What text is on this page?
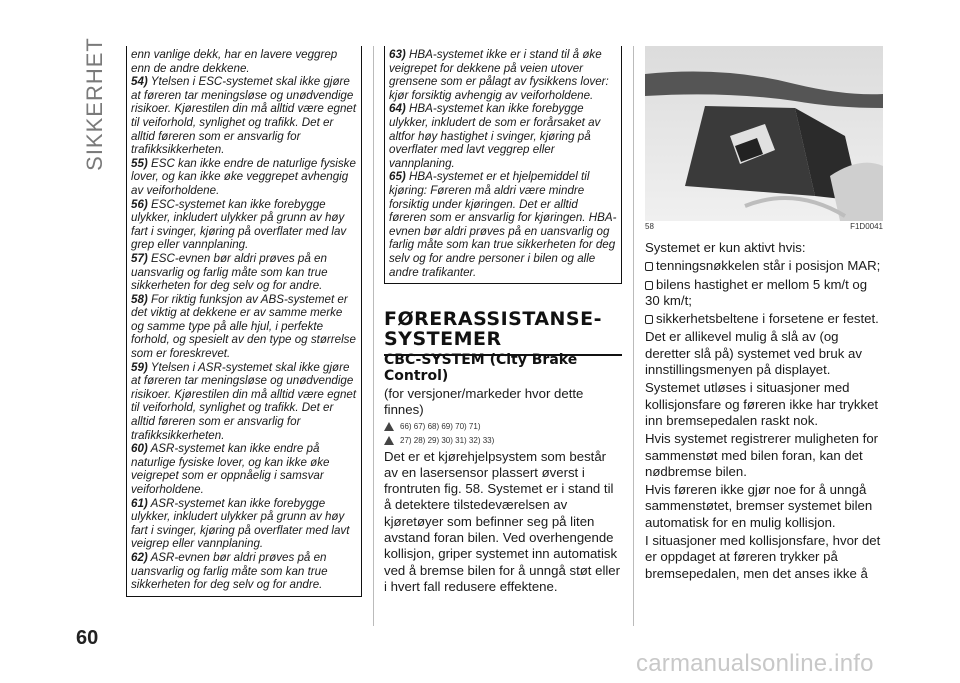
SIKKERHET
60

enn vanlige dekk, har en lavere veggrep enn de andre dekkene.

54) Ytelsen i ESC-systemet skal ikke gjøre at føreren tar meningsløse og unødvendige risikoer. Kjørestilen din må alltid være egnet til veiforhold, synlighet og trafikk. Det er alltid føreren som er ansvarlig for trafikksikkerheten.

55) ESC kan ikke endre de naturlige fysiske lover, og kan ikke øke veggrepet avhengig av veiforholdene.

56) ESC-systemet kan ikke forebygge ulykker, inkludert ulykker på grunn av høy fart i svinger, kjøring på overflater med lav grep eller vannplaning.

57) ESC-evnen bør aldri prøves på en uansvarlig og farlig måte som kan true sikkerheten for deg selv og for andre.

58) For riktig funksjon av ABS-systemet er det viktig at dekkene er av samme merke og samme type på alle hjul, i perfekte forhold, og spesielt av den type og størrelse som er foreskrevet.

59) Ytelsen i ASR-systemet skal ikke gjøre at føreren tar meningsløse og unødvendige risikoer. Kjørestilen din må alltid være egnet til veiforhold, synlighet og trafikk. Det er alltid føreren som er ansvarlig for trafikksikkerheten.

60) ASR-systemet kan ikke endre på naturlige fysiske lover, og kan ikke øke veigrepet som er oppnåelig i samsvar veiforholdene.

61) ASR-systemet kan ikke forebygge ulykker, inkludert ulykker på grunn av høy fart i svinger, kjøring på overflater med lavt veigrep eller vannplaning.

62) ASR-evnen bør aldri prøves på en uansvarlig og farlig måte som kan true sikkerheten for deg selv og for andre.

63) HBA-systemet ikke er i stand til å øke veigrepet for dekkene på veien utover grensene som er pålagt av fysikkens lover: kjør forsiktig avhengig av veiforholdene.

64) HBA-systemet kan ikke forebygge ulykker, inkludert de som er forårsaket av altfor høy hastighet i svinger, kjøring på overflater med lavt veggrep eller vannplaning.

65) HBA-systemet er et hjelpemiddel til kjøring: Føreren må aldri være mindre forsiktig under kjøringen. Det er alltid føreren som er ansvarlig for kjøringen. HBA-evnen bør aldri prøves på en uansvarlig og farlig måte som kan true sikkerheten for deg selv og for andre personer i bilen og alle andre trafikanter.

FØRERASSISTANSE-SYSTEMER
CBC-SYSTEM (City Brake Control)

(for versjoner/markeder hvor dette finnes)

66) 67) 68) 69) 70) 71)
27) 28) 29) 30) 31) 32) 33)

Det er et kjørehjelpsystem som består av en lasersensor plassert øverst i frontruten fig. 58. Systemet er i stand til å detektere tilstedeværelsen av kjøretøyer som befinner seg på liten avstand foran bilen. Ved overhengende kollisjon, griper systemet inn automatisk ved å bremse bilen for å unngå støt eller i hvert fall redusere effektene.

58	F1D0041

Systemet er kun aktivt hvis:

tenningsnøkkelen står i posisjon MAR;

bilens hastighet er mellom 5 km/t og 30 km/t;

sikkerhetsbeltene i forsetene er festet.

Det er allikevel mulig å slå av (og deretter slå på) systemet ved bruk av innstillingsmenyen på displayet.

Systemet utløses i situasjoner med kollisjonsfare og føreren ikke har trykket inn bremsepedalen raskt nok.

Hvis systemet registrerer muligheten for sammenstøt med bilen foran, kan det nødbremse bilen.

Hvis føreren ikke gjør noe for å unngå sammenstøtet, bremser systemet bilen automatisk for en mulig kollisjon.

I situasjoner med kollisjonsfare, hvor det er oppdaget at føreren trykker på bremsepedalen, men det anses ikke å

carmanualsonline.info
